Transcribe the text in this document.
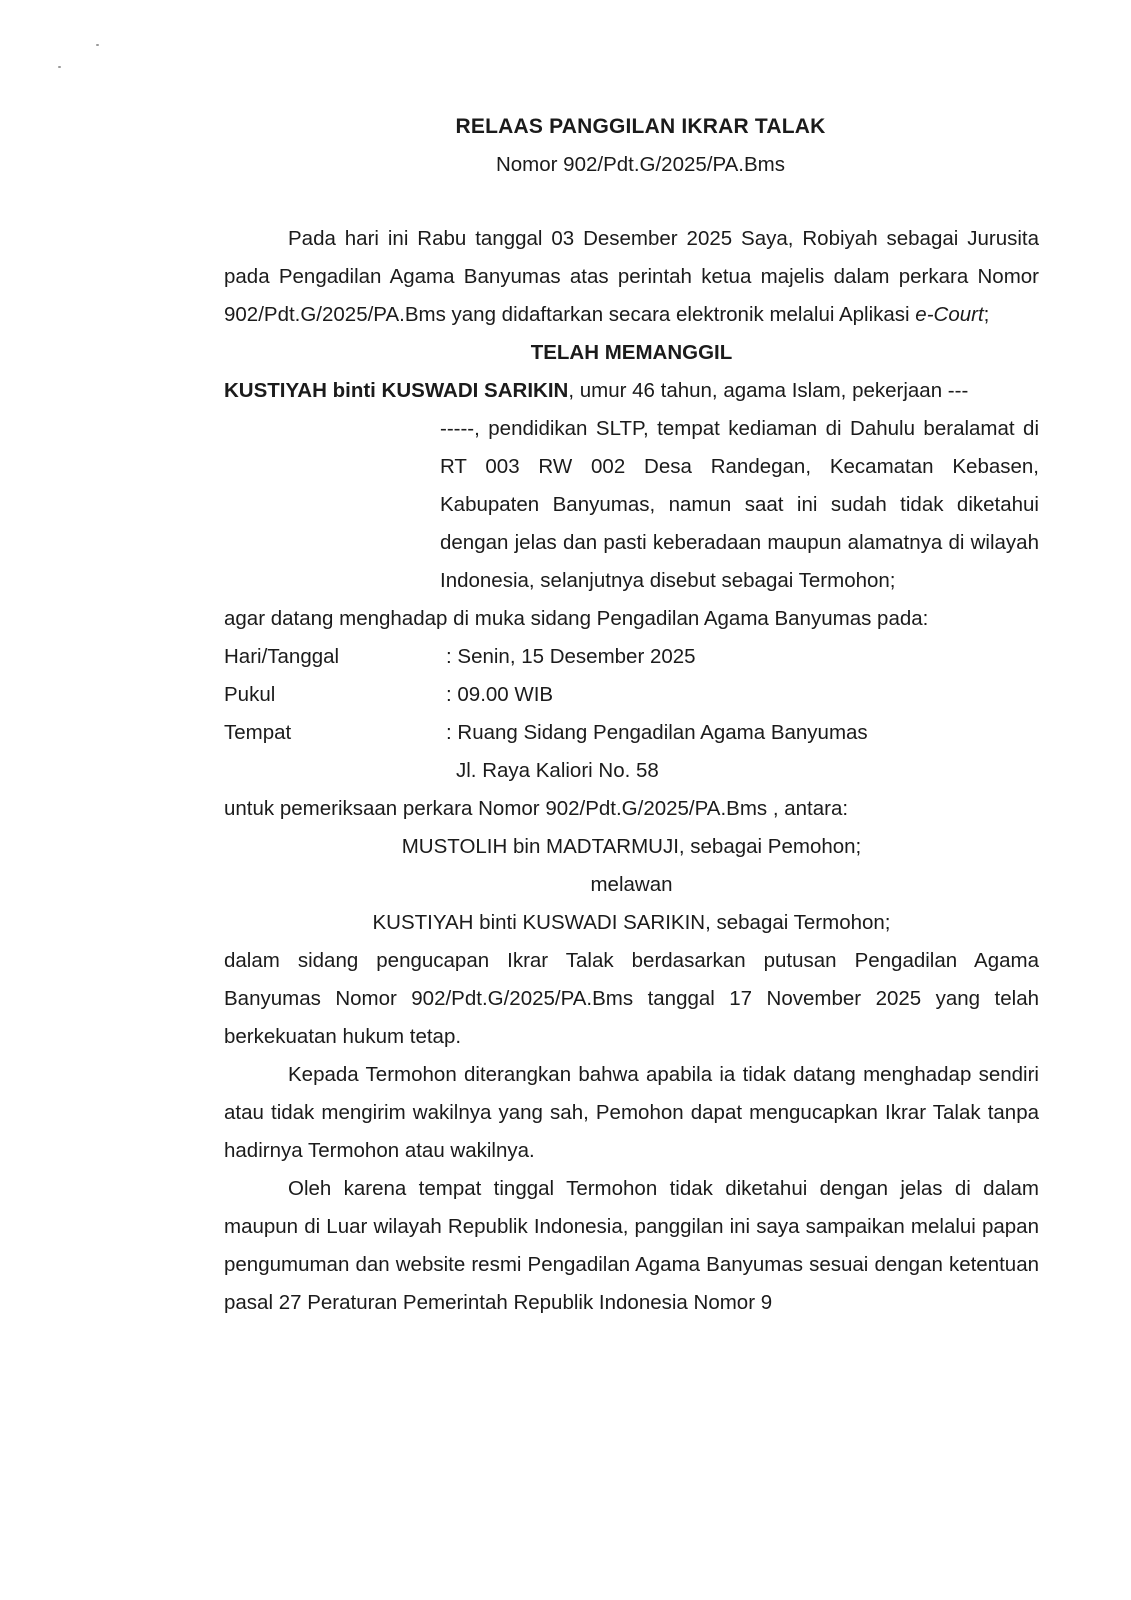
RELAAS PANGGILAN IKRAR TALAK

Nomor 902/Pdt.G/2025/PA.Bms

Pada hari ini Rabu tanggal 03 Desember 2025 Saya, Robiyah sebagai Jurusita pada Pengadilan Agama Banyumas atas perintah ketua majelis dalam perkara Nomor 902/Pdt.G/2025/PA.Bms yang didaftarkan secara elektronik melalui Aplikasi e-Court;

TELAH MEMANGGIL

KUSTIYAH binti KUSWADI SARIKIN, umur 46 tahun, agama Islam, pekerjaan ---

-----, pendidikan SLTP, tempat kediaman di Dahulu beralamat di RT 003 RW 002 Desa Randegan, Kecamatan Kebasen, Kabupaten Banyumas, namun saat ini sudah tidak diketahui dengan jelas dan pasti keberadaan maupun alamatnya di wilayah Indonesia, selanjutnya disebut sebagai Termohon;

agar datang menghadap di muka sidang Pengadilan Agama Banyumas pada:

Hari/Tanggal	: Senin, 15 Desember 2025
Pukul	: 09.00 WIB
Tempat	: Ruang Sidang Pengadilan Agama Banyumas

Jl. Raya Kaliori No. 58

untuk pemeriksaan perkara Nomor 902/Pdt.G/2025/PA.Bms , antara:

MUSTOLIH bin MADTARMUJI, sebagai Pemohon;

melawan

KUSTIYAH binti KUSWADI SARIKIN, sebagai Termohon;

dalam sidang pengucapan Ikrar Talak berdasarkan putusan Pengadilan Agama Banyumas Nomor 902/Pdt.G/2025/PA.Bms tanggal 17 November 2025 yang telah berkekuatan hukum tetap.

Kepada Termohon diterangkan bahwa apabila ia tidak datang menghadap sendiri atau tidak mengirim wakilnya yang sah, Pemohon dapat mengucapkan Ikrar Talak tanpa hadirnya Termohon atau wakilnya.

Oleh karena tempat tinggal Termohon tidak diketahui dengan jelas di dalam maupun di Luar wilayah Republik Indonesia, panggilan ini saya sampaikan melalui papan pengumuman dan website resmi Pengadilan Agama Banyumas sesuai dengan ketentuan pasal 27 Peraturan Pemerintah Republik Indonesia Nomor 9
